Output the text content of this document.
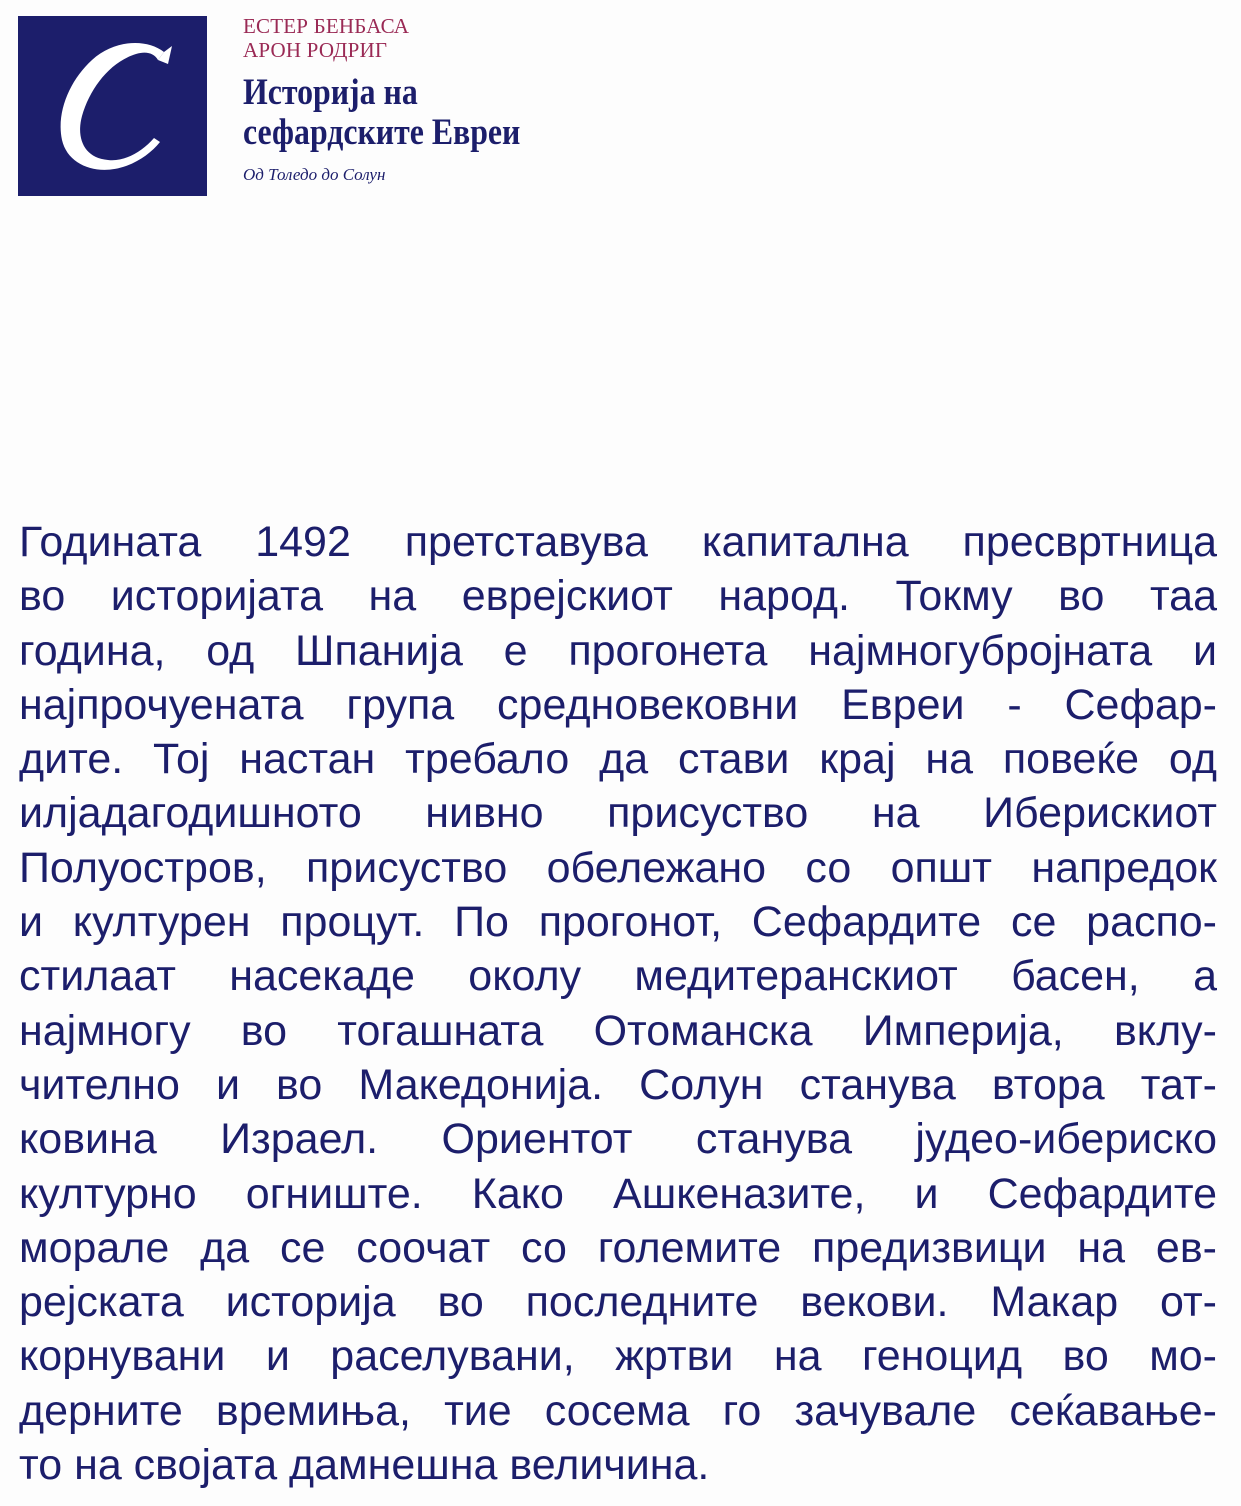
ЕСТЕР БЕНБАСА
АРОН РОДРИГ
Историја на
сефардските Евреи
Од Толедо до Солун
Годината 1492 претставува капитална пресвртница
во историјата на еврејскиот народ. Токму во таа
година, од Шпанија е прогонета најмногубројната и
најпрочуената група средновековни Евреи - Сефар-
дите. Тој настан требало да стави крај на повеќе од
илјадагодишното нивно присуство на Иберискиот
Полуостров, присуство обележано со општ напредок
и културен процут. По прогонот, Сефардите се распо-
стилаат насекаде околу медитеранскиот басен, а
најмногу во тогашната Отоманска Империја, вклу-
чително и во Македонија. Солун станува втора тат-
ковина Израел. Ориентот станува јудео-ибериско
културно огниште. Како Ашкеназите, и Сефардите
морале да се соочат со големите предизвици на ев-
рејската историја во последните векови. Макар от-
корнувани и раселувани, жртви на геноцид во мо-
дерните времиња, тие сосема го зачувале сеќавање-
то на својата дамнешна величина.
